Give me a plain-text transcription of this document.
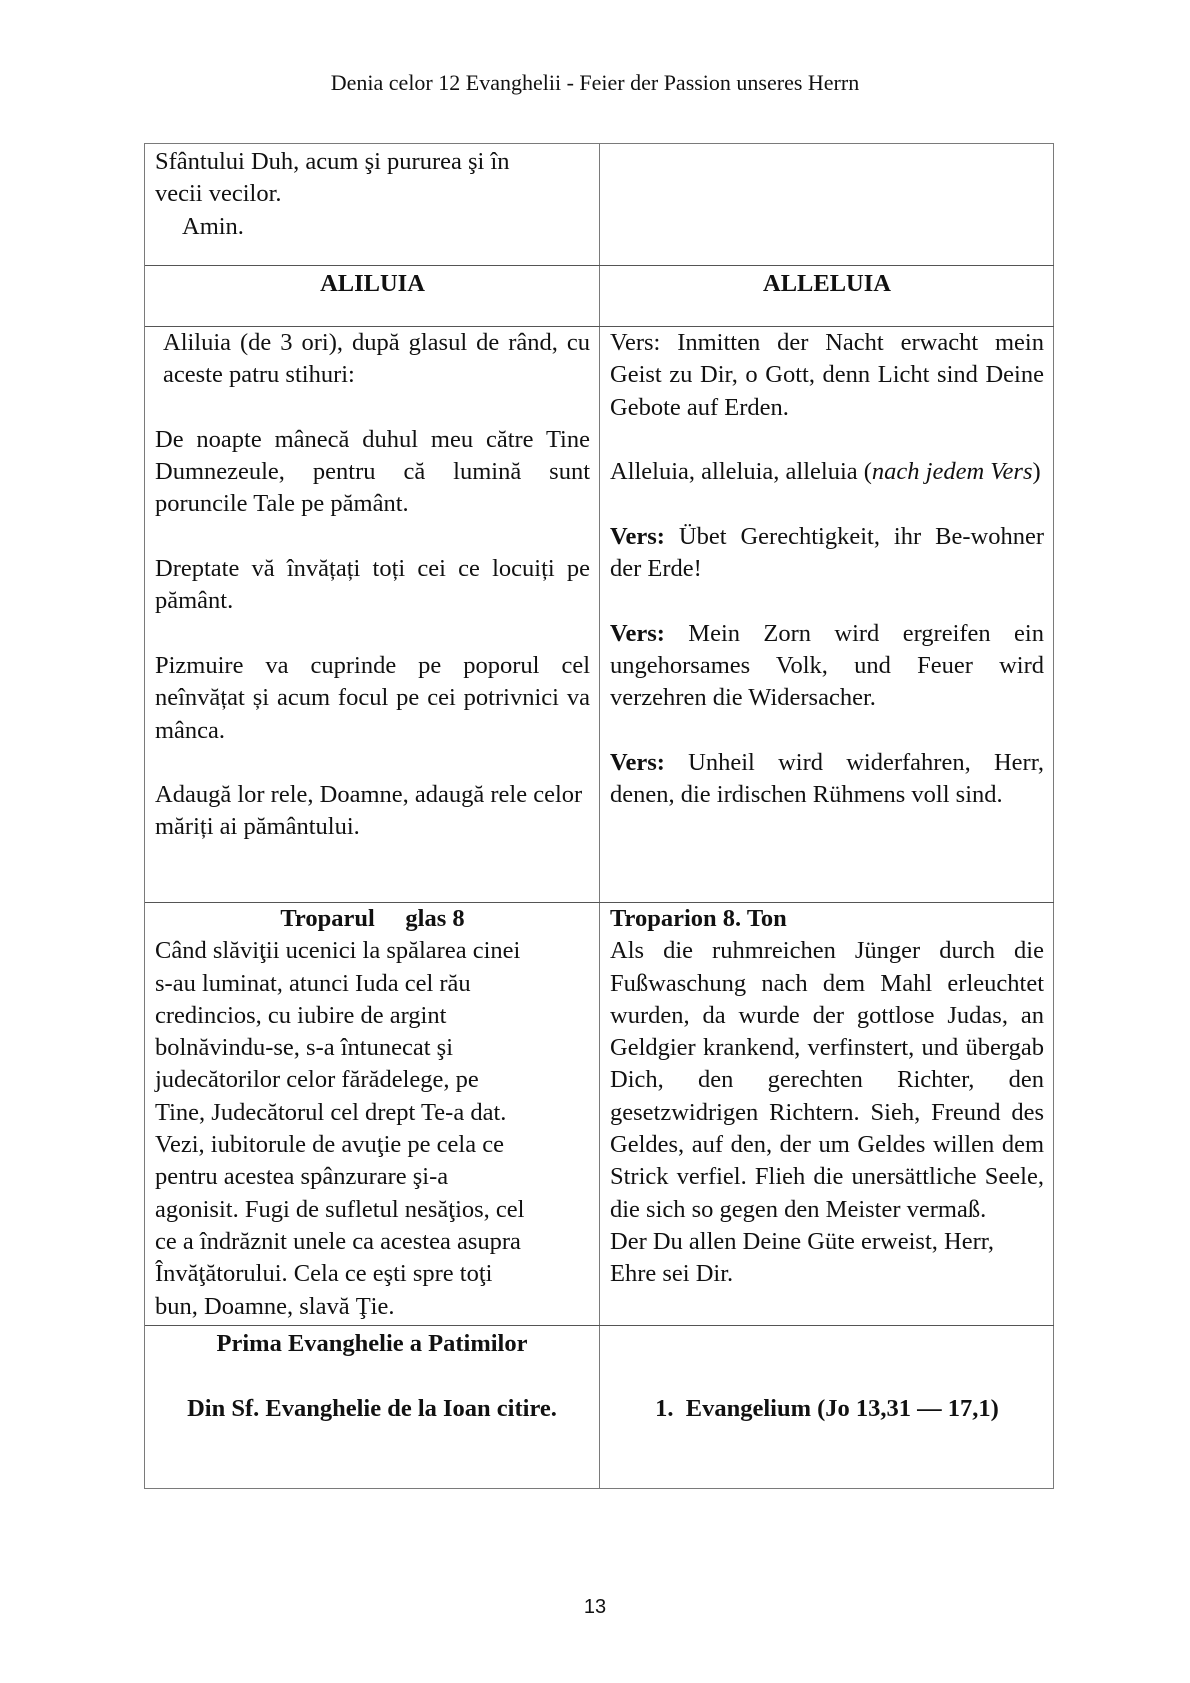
Denia celor 12 Evanghelii - Feier der Passion unseres Herrn

Sfântului Duh, acum şi pururea şi în

vecii vecilor.

Amin.

ALILUIA	ALLELUIA

Aliluia (de 3 ori), după glasul de rând, cu aceste patru stihuri:

De noapte mânecă duhul meu către Tine Dumnezeule, pentru că lumină sunt poruncile Tale pe pământ.

Dreptate vă învățați toți cei ce locuiți pe pământ.

Pizmuire va cuprinde pe poporul cel neînvățat și acum focul pe cei potrivnici va mânca.

Adaugă lor rele, Doamne, adaugă rele celor măriți ai pământului.

Vers: Inmitten der Nacht erwacht mein Geist zu Dir, o Gott, denn Licht sind Deine Gebote auf Erden.

Alleluia, alleluia, alleluia (nach jedem Vers)

Vers: Übet Gerechtigkeit, ihr Be-wohner der Erde!

Vers: Mein Zorn wird ergreifen ein ungehorsames Volk, und Feuer wird verzehren die Widersacher.

Vers: Unheil wird widerfahren, Herr, denen, die irdischen Rühmens voll sind.

Troparul     glas 8

Când slăviţii ucenici la spălarea cinei

s-au luminat, atunci Iuda cel rău

credincios, cu iubire de argint

bolnăvindu-se, s-a întunecat şi

judecătorilor celor fărădelege, pe

Tine, Judecătorul cel drept Te-a dat.

Vezi, iubitorule de avuţie pe cela ce

pentru acestea spânzurare şi-a

agonisit. Fugi de sufletul nesăţios, cel

ce a îndrăznit unele ca acestea asupra

Învăţătorului. Cela ce eşti spre toţi

bun, Doamne, slavă Ţie.

Troparion 8. Ton

Als die ruhmreichen Jünger durch die Fußwaschung nach dem Mahl erleuchtet wurden, da wurde der gottlose Judas, an Geldgier krankend, verfinstert, und übergab Dich, den gerechten Richter, den gesetzwidrigen Richtern. Sieh, Freund des Geldes, auf den, der um Geldes willen dem Strick verfiel. Flieh die unersättliche Seele, die sich so gegen den Meister vermaß.

Der Du allen Deine Güte erweist, Herr,

Ehre sei Dir.

Prima Evanghelie a Patimilor

Din Sf. Evanghelie de la Ioan citire.

	1.  Evangelium (Jo 13,31 — 17,1)

13
